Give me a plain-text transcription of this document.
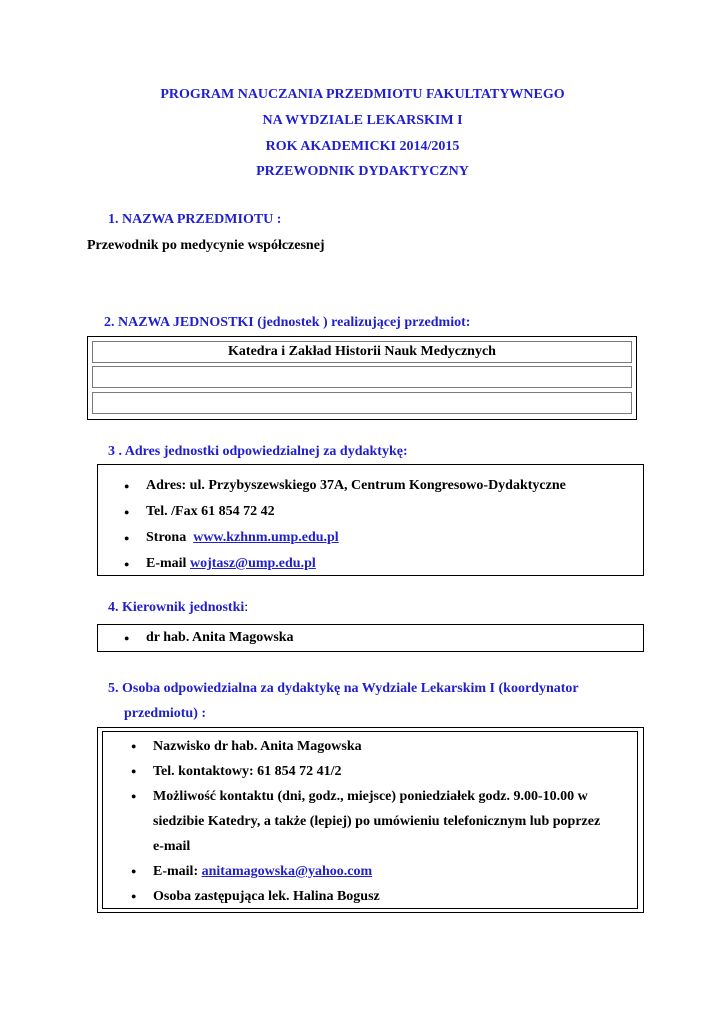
PROGRAM NAUCZANIA PRZEDMIOTU FAKULTATYWNEGO
NA WYDZIALE LEKARSKIM I
ROK AKADEMICKI 2014/2015
PRZEWODNIK DYDAKTYCZNY
1. NAZWA PRZEDMIOTU :
Przewodnik po medycynie współczesnej
2. NAZWA JEDNOSTKI (jednostek ) realizującej przedmiot:
Katedra i Zakład Historii Nauk Medycznych
3 . Adres jednostki odpowiedzialnej za dydaktykę:
● Adres: ul. Przybyszewskiego 37A, Centrum Kongresowo-Dydaktyczne
● Tel. /Fax 61 854 72 42
● Strona www.kzhnm.ump.edu.pl
● E-mail wojtasz@ump.edu.pl
4. Kierownik jednostki:
● dr hab. Anita Magowska
5. Osoba odpowiedzialna za dydaktykę na Wydziale Lekarskim I (koordynator
przedmiotu) :
● Nazwisko dr hab. Anita Magowska
● Tel. kontaktowy: 61 854 72 41/2
● Możliwość kontaktu (dni, godz., miejsce) poniedziałek godz. 9.00-10.00 w
siedzibie Katedry, a także (lepiej) po umówieniu telefonicznym lub poprzez
e-mail
● E-mail: anitamagowska@yahoo.com
● Osoba zastępująca lek. Halina Bogusz
